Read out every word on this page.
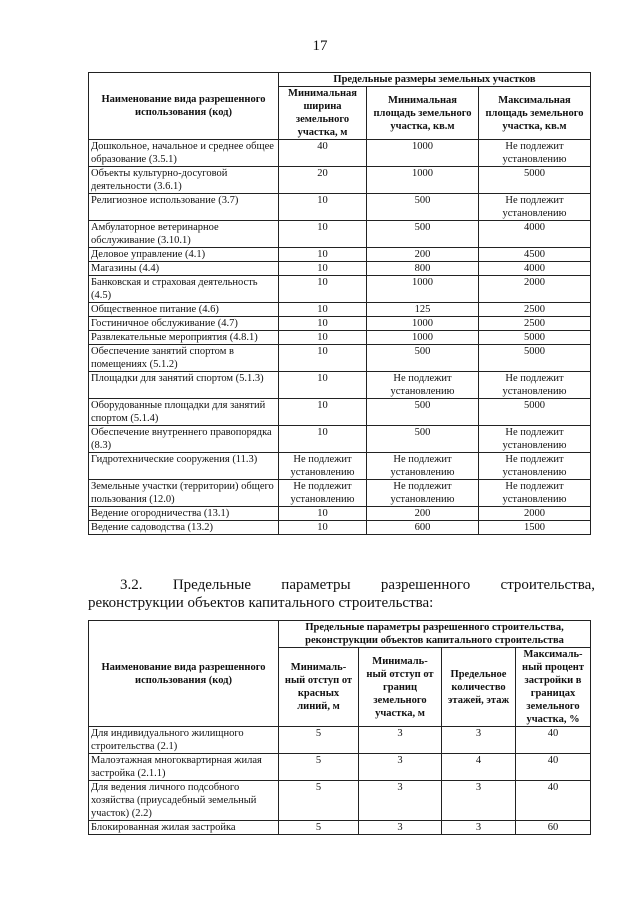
17
Наименование вида разрешенного использования (код)	Предельные размеры земельных участков		
	Минимальная ширина земельного участка, м	Минимальная площадь земельного участка, кв.м	Максимальная площадь земельного участка, кв.м
Дошкольное, начальное и среднее общее образование (3.5.1)	40	1000	Не подлежит установлению
Объекты культурно-досуговой деятельности (3.6.1)	20	1000	5000
Религиозное использование (3.7)	10	500	Не подлежит установлению
Амбулаторное ветеринарное обслуживание (3.10.1)	10	500	4000
Деловое управление (4.1)	10	200	4500
Магазины (4.4)	10	800	4000
Банковская и страховая деятельность (4.5)	10	1000	2000
Общественное питание (4.6)	10	125	2500
Гостиничное обслуживание (4.7)	10	1000	2500
Развлекательные мероприятия (4.8.1)	10	1000	5000
Обеспечение занятий спортом в помещениях (5.1.2)	10	500	5000
Площадки для занятий спортом (5.1.3)	10	Не подлежит установлению	Не подлежит установлению
Оборудованные площадки для занятий спортом (5.1.4)	10	500	5000
Обеспечение внутреннего правопорядка (8.3)	10	500	Не подлежит установлению
Гидротехнические сооружения (11.3)	Не подлежит установлению	Не подлежит установлению	Не подлежит установлению
Земельные участки (территории) общего пользования (12.0)	Не подлежит установлению	Не подлежит установлению	Не подлежит установлению
Ведение огородничества (13.1)	10	200	2000
Ведение садоводства (13.2)	10	600	1500
3.2. Предельные параметры разрешенного строительства,
реконструкции объектов капитального строительства:
Наименование вида разрешенного использования (код)	Предельные параметры разрешенного строительства, реконструкции объектов капитального строительства			
	Минималь- ный отступ от красных линий, м	Минималь- ный отступ от границ земельного участка, м	Предельное количество этажей, этаж	Максималь- ный процент застройки в границах земельного участка, %
Для индивидуального жилищного строительства (2.1)	5	3	3	40
Малоэтажная многоквартирная жилая застройка (2.1.1)	5	3	4	40
Для ведения личного подсобного хозяйства (приусадебный земельный участок) (2.2)	5	3	3	40
Блокированная жилая застройка	5	3	3	60
